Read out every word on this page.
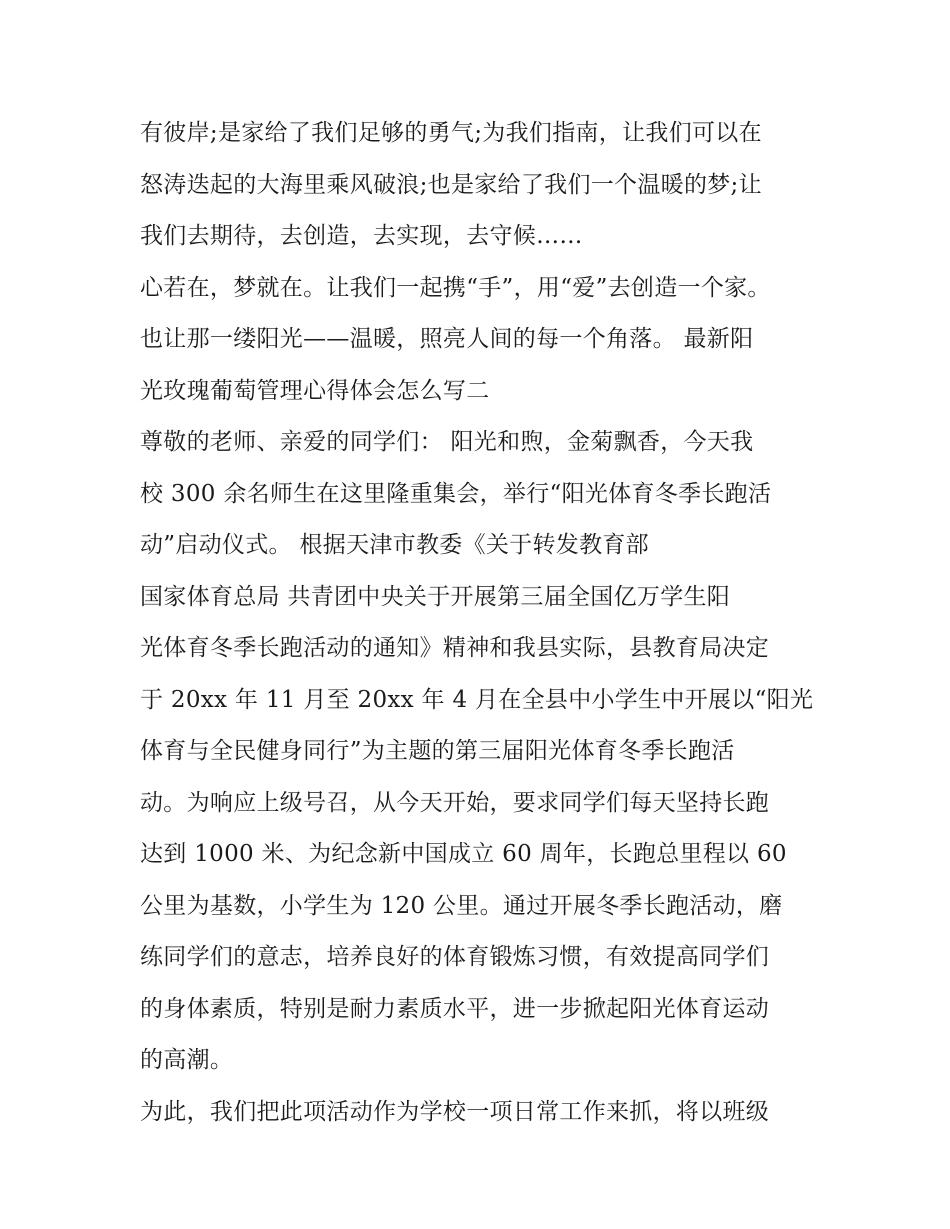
有彼岸;是家给了我们足够的勇气;为我们指南，让我们可以在
怒涛迭起的大海里乘风破浪;也是家给了我们一个温暖的梦;让
我们去期待，去创造，去实现，去守候……
心若在，梦就在。让我们一起携“手”，用“爱”去创造一个家。
也让那一缕阳光——温暖，照亮人间的每一个角落。 最新阳
光玫瑰葡萄管理心得体会怎么写二
尊敬的老师、亲爱的同学们： 阳光和煦，金菊飘香，今天我
校 300 余名师生在这里隆重集会，举行“阳光体育冬季长跑活
动”启动仪式。 根据天津市教委《关于转发教育部
国家体育总局 共青团中央关于开展第三届全国亿万学生阳
光体育冬季长跑活动的通知》精神和我县实际，县教育局决定
于 20xx 年 11 月至 20xx 年 4 月在全县中小学生中开展以“阳光
体育与全民健身同行”为主题的第三届阳光体育冬季长跑活
动。为响应上级号召，从今天开始，要求同学们每天坚持长跑
达到 1000 米、为纪念新中国成立 60 周年，长跑总里程以 60
公里为基数，小学生为 120 公里。通过开展冬季长跑活动，磨
练同学们的意志，培养良好的体育锻炼习惯，有效提高同学们
的身体素质，特别是耐力素质水平，进一步掀起阳光体育运动
的高潮。
为此，我们把此项活动作为学校一项日常工作来抓，将以班级
